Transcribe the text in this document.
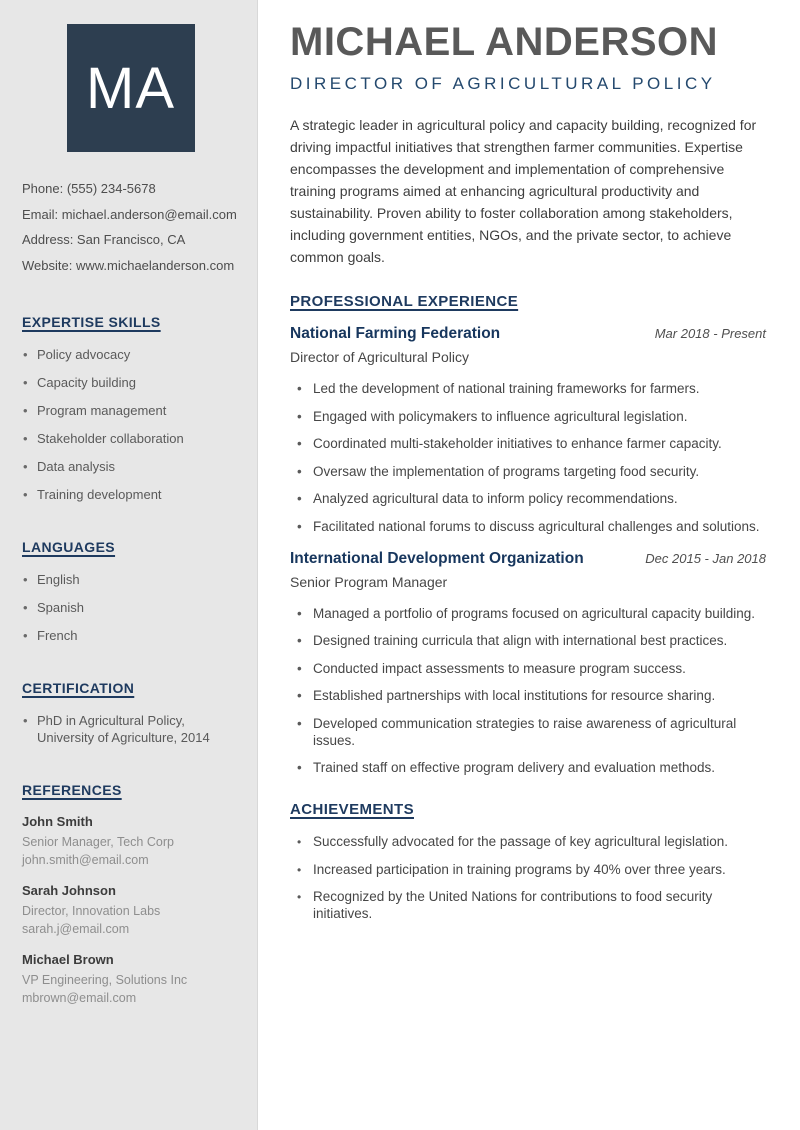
MA
Phone: (555) 234-5678
Email: michael.anderson@email.com
Address: San Francisco, CA
Website: www.michaelanderson.com
EXPERTISE SKILLS
• Policy advocacy
• Capacity building
• Program management
• Stakeholder collaboration
• Data analysis
• Training development
LANGUAGES
• English
• Spanish
• French
CERTIFICATION
• PhD in Agricultural Policy, University of Agriculture, 2014
REFERENCES
John Smith
Senior Manager, Tech Corp
john.smith@email.com
Sarah Johnson
Director, Innovation Labs
sarah.j@email.com
Michael Brown
VP Engineering, Solutions Inc
mbrown@email.com
MICHAEL ANDERSON
DIRECTOR OF AGRICULTURAL POLICY

A strategic leader in agricultural policy and capacity building, recognized for driving impactful initiatives that strengthen farmer communities. Expertise encompasses the development and implementation of comprehensive training programs aimed at enhancing agricultural productivity and sustainability. Proven ability to foster collaboration among stakeholders, including government entities, NGOs, and the private sector, to achieve common goals.

PROFESSIONAL EXPERIENCE
National Farming Federation	Mar 2018 - Present
Director of Agricultural Policy
• Led the development of national training frameworks for farmers.
• Engaged with policymakers to influence agricultural legislation.
• Coordinated multi-stakeholder initiatives to enhance farmer capacity.
• Oversaw the implementation of programs targeting food security.
• Analyzed agricultural data to inform policy recommendations.
• Facilitated national forums to discuss agricultural challenges and solutions.
International Development Organization	Dec 2015 - Jan 2018
Senior Program Manager
• Managed a portfolio of programs focused on agricultural capacity building.
• Designed training curricula that align with international best practices.
• Conducted impact assessments to measure program success.
• Established partnerships with local institutions for resource sharing.
• Developed communication strategies to raise awareness of agricultural issues.
• Trained staff on effective program delivery and evaluation methods.
ACHIEVEMENTS
• Successfully advocated for the passage of key agricultural legislation.
• Increased participation in training programs by 40% over three years.
• Recognized by the United Nations for contributions to food security initiatives.
